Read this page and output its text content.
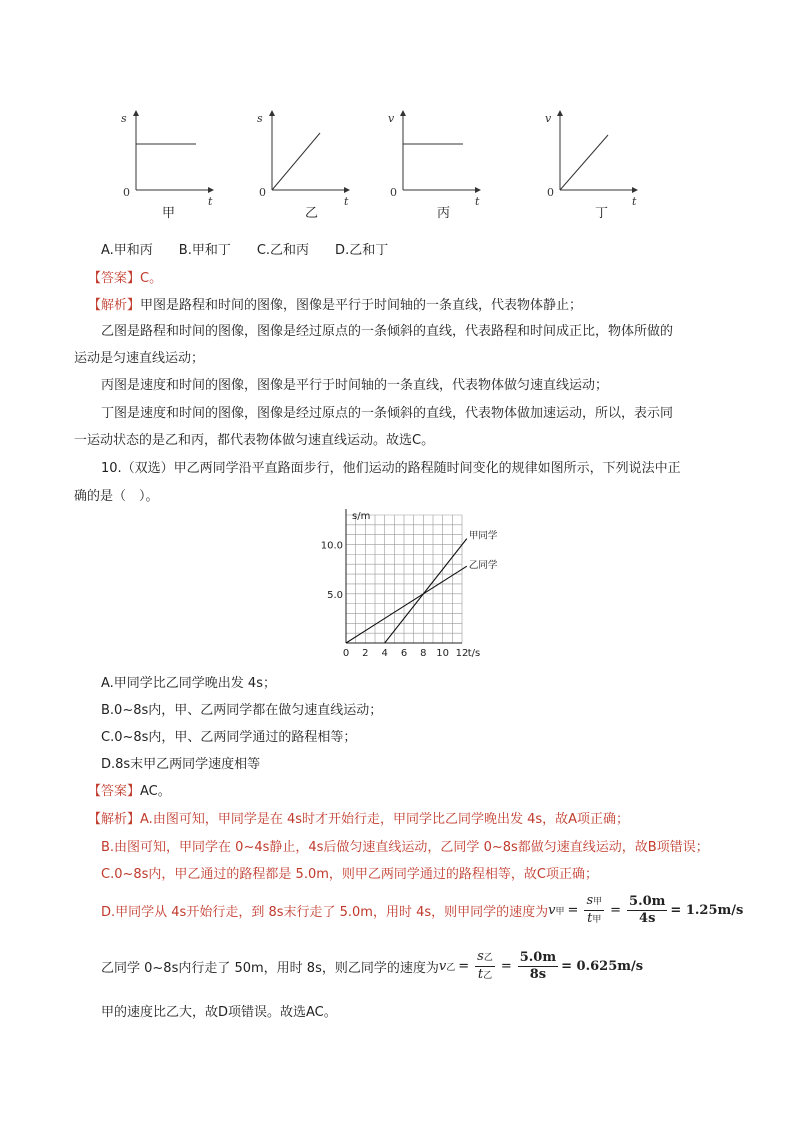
s
t
0
甲
s
t
0
乙
v
t
0
丙
v
t
0
丁
A.甲和丙　　B.甲和丁　　C.乙和丙　　D.乙和丁
【答案】C。
【解析】甲图是路程和时间的图像，图像是平行于时间轴的一条直线，代表物体静止；
乙图是路程和时间的图像，图像是经过原点的一条倾斜的直线，代表路程和时间成正比，物体所做的
运动是匀速直线运动；
丙图是速度和时间的图像，图像是平行于时间轴的一条直线，代表物体做匀速直线运动；
丁图是速度和时间的图像，图像是经过原点的一条倾斜的直线，代表物体做加速运动，所以，表示同
一运动状态的是乙和丙，都代表物体做匀速直线运动。故选C。
10.（双选）甲乙两同学沿平直路面步行，他们运动的路程随时间变化的规律如图所示，下列说法中正
确的是（　）。
s/m
0 2 4 6 8 10 12 t/s
5.0
10.0
甲同学
乙同学
A.甲同学比乙同学晚出发 4s；
B.0~8s内，甲、乙两同学都在做匀速直线运动；
C.0~8s内，甲、乙两同学通过的路程相等；
D.8s末甲乙两同学速度相等
【答案】AC。
【解析】A.由图可知，甲同学是在 4s时才开始行走，甲同学比乙同学晚出发 4s，故A项正确；
B.由图可知，甲同学在 0~4s静止，4s后做匀速直线运动，乙同学 0~8s都做匀速直线运动，故B项错误；
C.0~8s内，甲乙通过的路程都是 5.0m，则甲乙两同学通过的路程相等，故C项正确；
D.甲同学从 4s开始行走，到 8s末行走了 5.0m，用时 4s，则甲同学的速度为 v 甲 = $\frac{\text{s甲}}{\text{t甲}} = \frac{5.0m}{4s} = 1.25m/s$
乙同学 0~8s内行走了 50m，用时 8s，则乙同学的速度为 v 乙 = $\frac{\text{s乙}}{\text{t乙}} = \frac{5.0m}{8s} = 0.625m/s$
甲的速度比乙大，故D项错误。故选AC。
